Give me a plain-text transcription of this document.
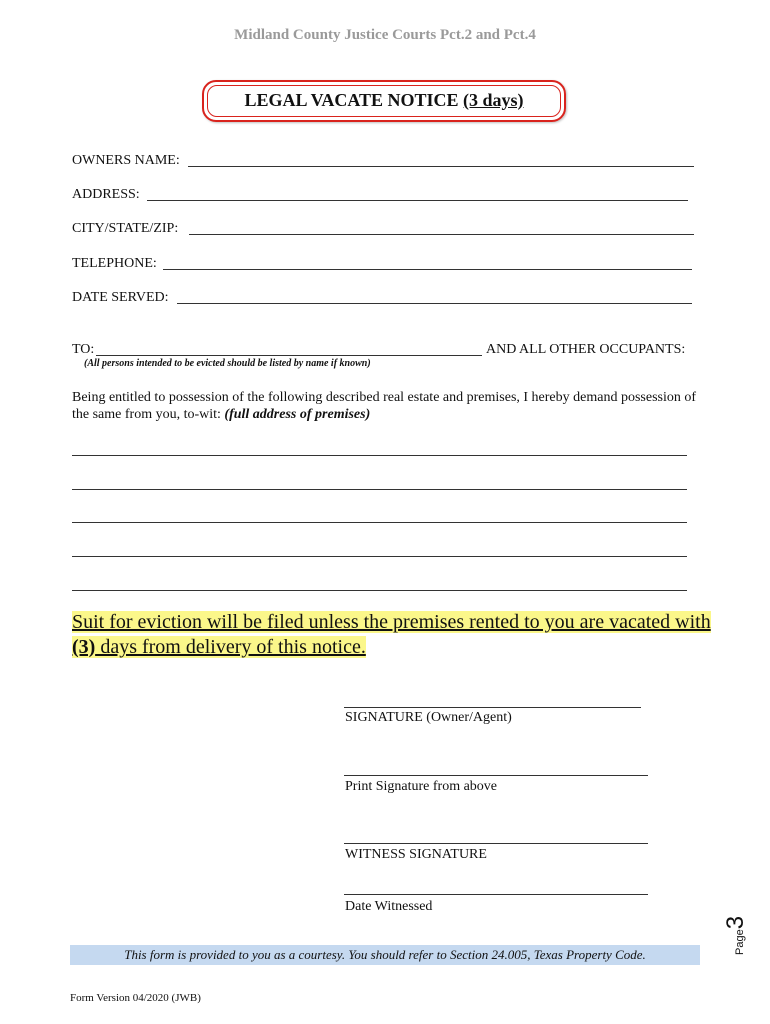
Midland County Justice Courts Pct.2 and Pct.4
LEGAL VACATE NOTICE (3 days)
OWNERS NAME:
ADDRESS:
CITY/STATE/ZIP:
TELEPHONE:
DATE SERVED:
TO:	AND ALL OTHER OCCUPANTS:
(All persons intended to be evicted should be listed by name if known)
Being entitled to possession of the following described real estate and premises, I hereby demand possession of the same from you, to-wit: (full address of premises)
Suit for eviction will be filed unless the premises rented to you are vacated with (3) days from delivery of this notice.
SIGNATURE (Owner/Agent)
Print Signature from above
WITNESS SIGNATURE
Date Witnessed
This form is provided to you as a courtesy. You should refer to Section 24.005, Texas Property Code.	Page3
Form Version 04/2020 (JWB)
